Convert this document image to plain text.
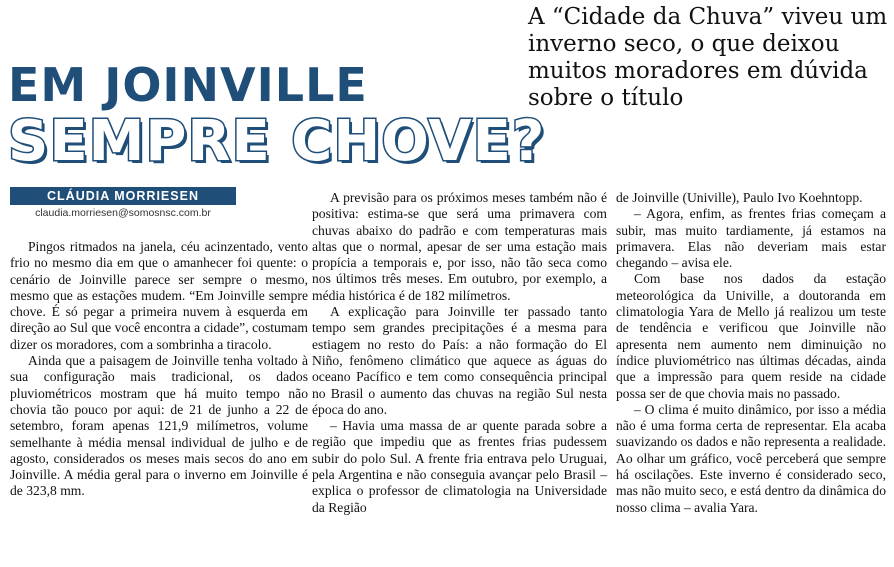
EM JOINVILLE
SEMPRE CHOVE?

A “Cidade da Chuva” viveu um inverno seco, o que deixou muitos moradores em dúvida sobre o título

CLÁUDIA MORRIESEN
claudia.morriesen@somosnsc.com.br

Pingos ritmados na janela, céu acinzentado, vento frio no mesmo dia em que o amanhecer foi quente: o cenário de Joinville parece ser sempre o mesmo, mesmo que as estações mudem. “Em Joinville sempre chove. É só pegar a primeira nuvem à esquerda em direção ao Sul que você encontra a cidade”, costumam dizer os moradores, com a sombrinha a tiracolo.

Ainda que a paisagem de Joinville tenha voltado à sua configuração mais tradicional, os dados pluviométricos mostram que há muito tempo não chovia tão pouco por aqui: de 21 de junho a 22 de setembro, foram apenas 121,9 milímetros, volume semelhante à média mensal individual de julho e de agosto, considerados os meses mais secos do ano em Joinville. A média geral para o inverno em Joinville é de 323,8 mm.

A previsão para os próximos meses também não é positiva: estima-se que será uma primavera com chuvas abaixo do padrão e com temperaturas mais altas que o normal, apesar de ser uma estação mais propícia a temporais e, por isso, não tão seca como nos últimos três meses. Em outubro, por exemplo, a média histórica é de 182 milímetros.

A explicação para Joinville ter passado tanto tempo sem grandes precipitações é a mesma para estiagem no resto do País: a não formação do El Niño, fenômeno climático que aquece as águas do oceano Pacífico e tem como consequência principal no Brasil o aumento das chuvas na região Sul nesta época do ano.

– Havia uma massa de ar quente parada sobre a região que impediu que as frentes frias pudessem subir do polo Sul. A frente fria entrava pelo Uruguai, pela Argentina e não conseguia avançar pelo Brasil – explica o professor de climatologia na Universidade da Região

de Joinville (Univille), Paulo Ivo Koehntopp.

– Agora, enfim, as frentes frias começam a subir, mas muito tardiamente, já estamos na primavera. Elas não deveriam mais estar chegando – avisa ele.

Com base nos dados da estação meteorológica da Univille, a doutoranda em climatologia Yara de Mello já realizou um teste de tendência e verificou que Joinville não apresenta nem aumento nem diminuição no índice pluviométrico nas últimas décadas, ainda que a impressão para quem reside na cidade possa ser de que chovia mais no passado.

– O clima é muito dinâmico, por isso a média não é uma forma certa de representar. Ela acaba suavizando os dados e não representa a realidade. Ao olhar um gráfico, você perceberá que sempre há oscilações. Este inverno é considerado seco, mas não muito seco, e está dentro da dinâmica do nosso clima – avalia Yara.
